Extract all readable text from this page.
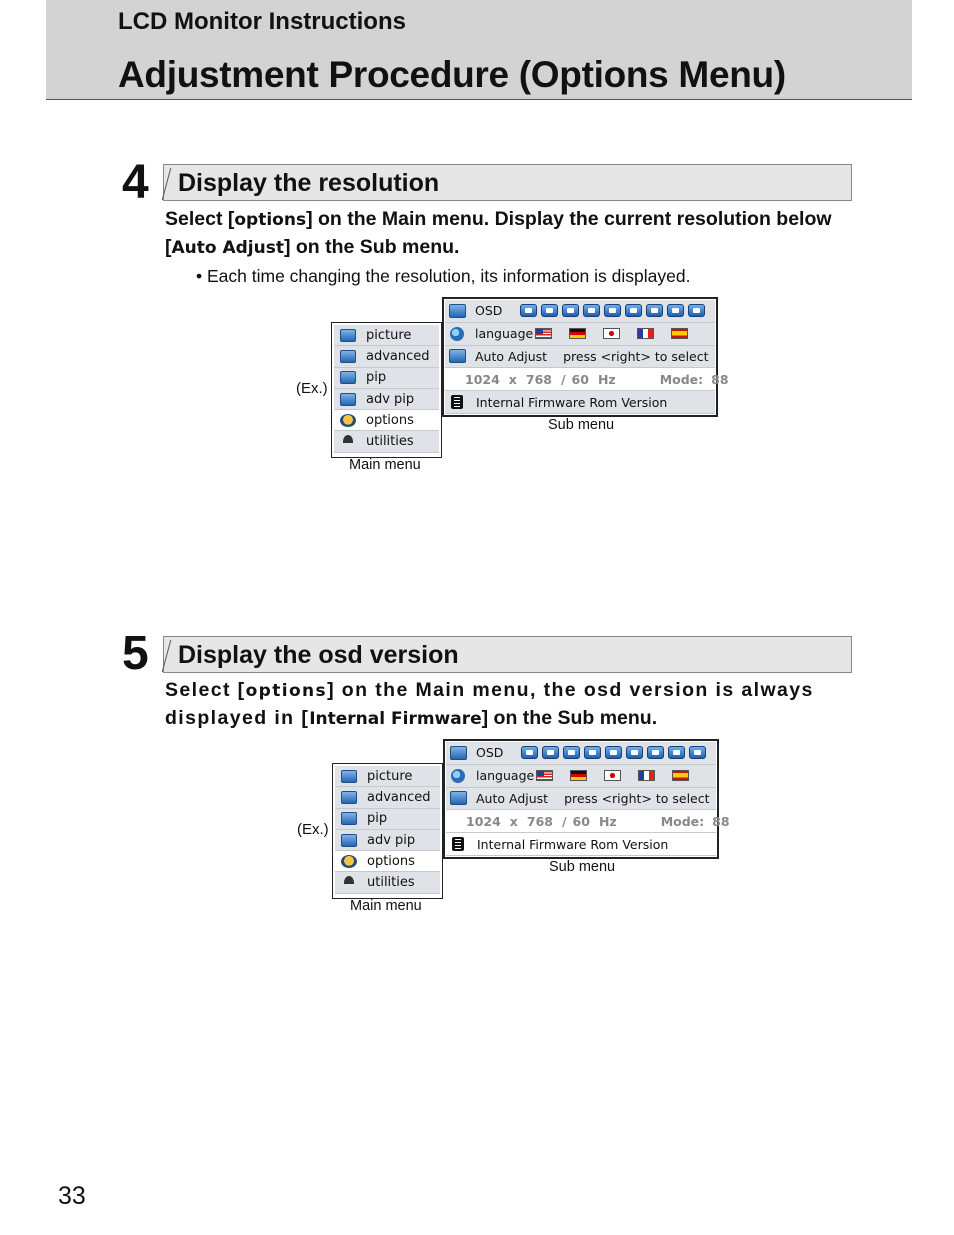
LCD Monitor Instructions
Adjustment Procedure (Options Menu)
4 Display the resolution
Select [options] on the Main menu. Display the current resolution below [Auto Adjust] on the Sub menu.
• Each time changing the resolution, its information is displayed.
(Ex.)
picture
advanced
pip
adv pip
options
utilities
Main menu
OSD
language
Auto Adjust press <right> to select
1024 x 768 / 60 Hz	Mode: 88
Internal Firmware Rom Version
Sub menu
5 Display the osd version
Select [options] on the Main menu, the osd version is always displayed in [Internal Firmware] on the Sub menu.
(Ex.)
picture
advanced
pip
adv pip
options
utilities
Main menu
OSD
language
Auto Adjust press <right> to select
1024 x 768 / 60 Hz	Mode: 88
Internal Firmware Rom Version
Sub menu
33
